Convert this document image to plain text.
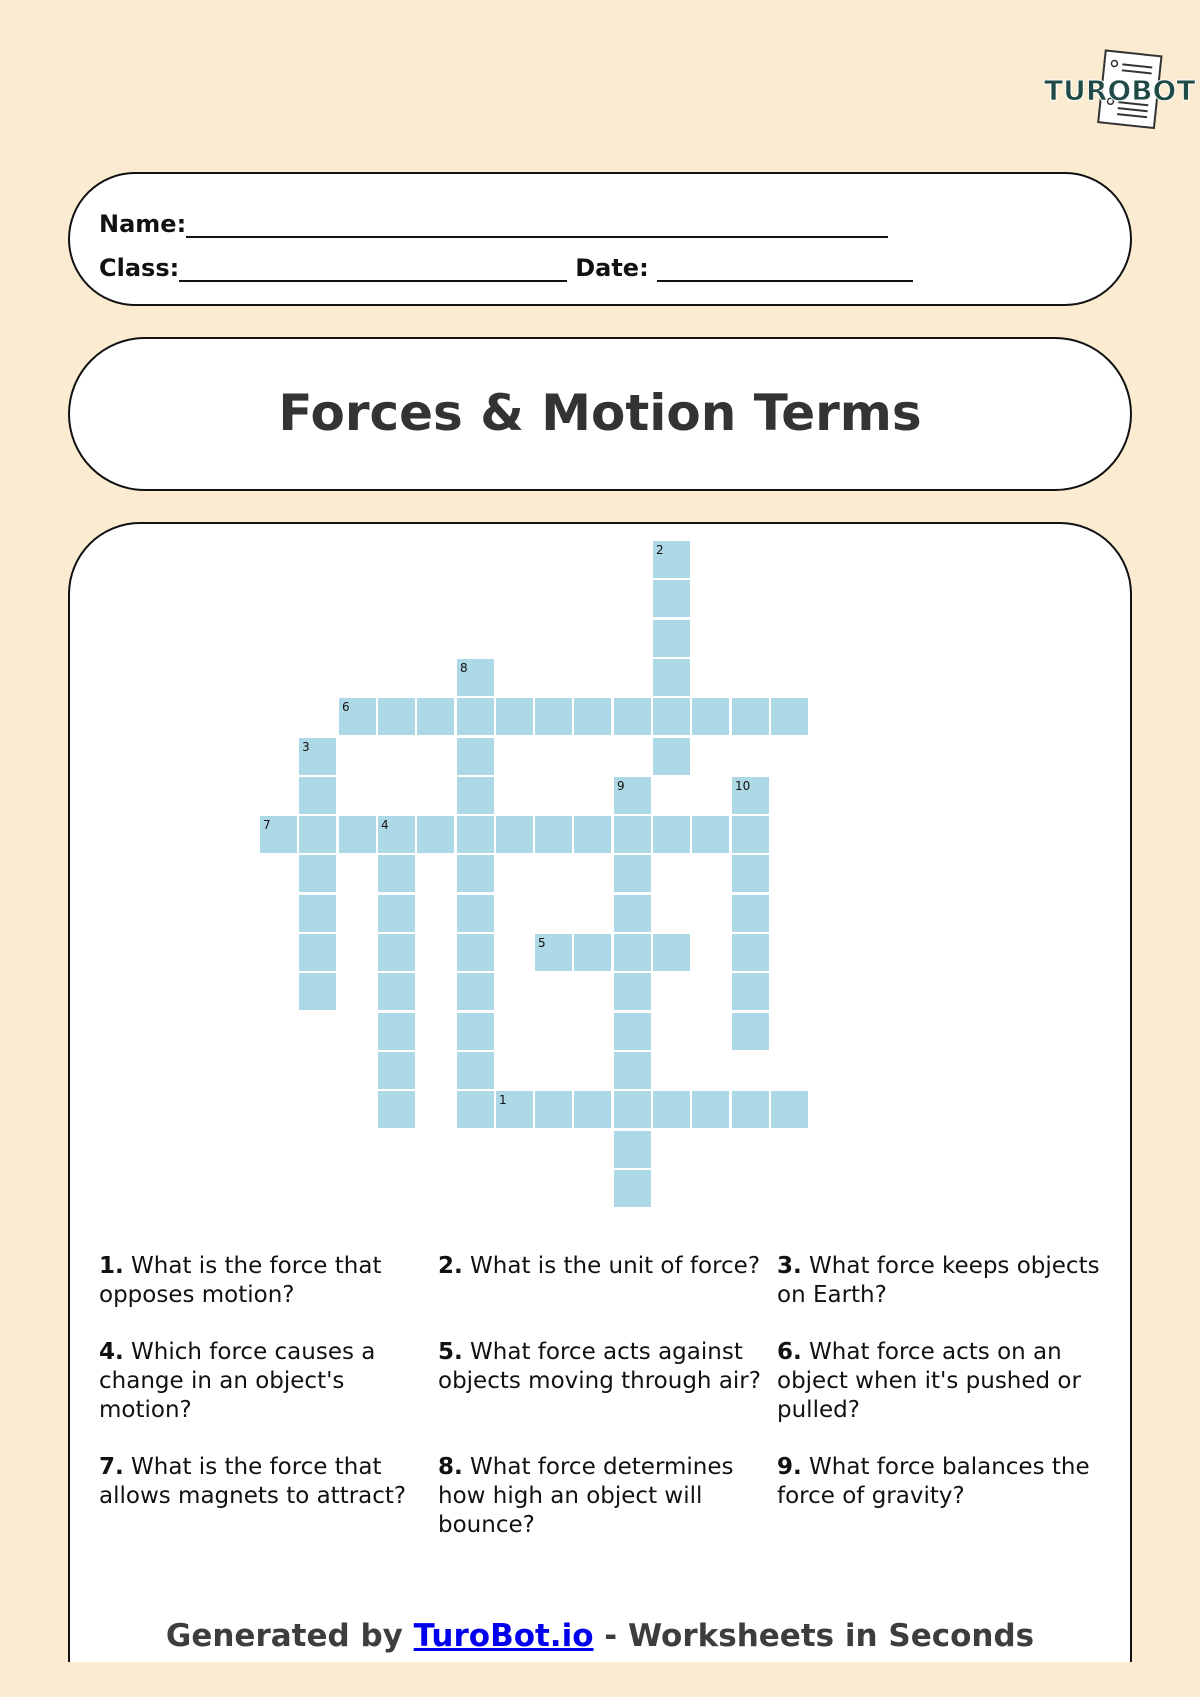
TUROBOT
Name:
Class:	Date:
Forces & Motion Terms
1
2
3
4
5
6
7
8
9	10
1. What is the force that opposes motion?
2. What is the unit of force? 3. What force keeps objects on Earth?
4. Which force causes a change in an object's motion?
5. What force acts against objects moving through air?
6. What force acts on an object when it's pushed or pulled?
7. What is the force that allows magnets to attract?
8. What force determines how high an object will bounce?
9. What force balances the force of gravity?
Generated by TuroBot.io - Worksheets in Seconds
